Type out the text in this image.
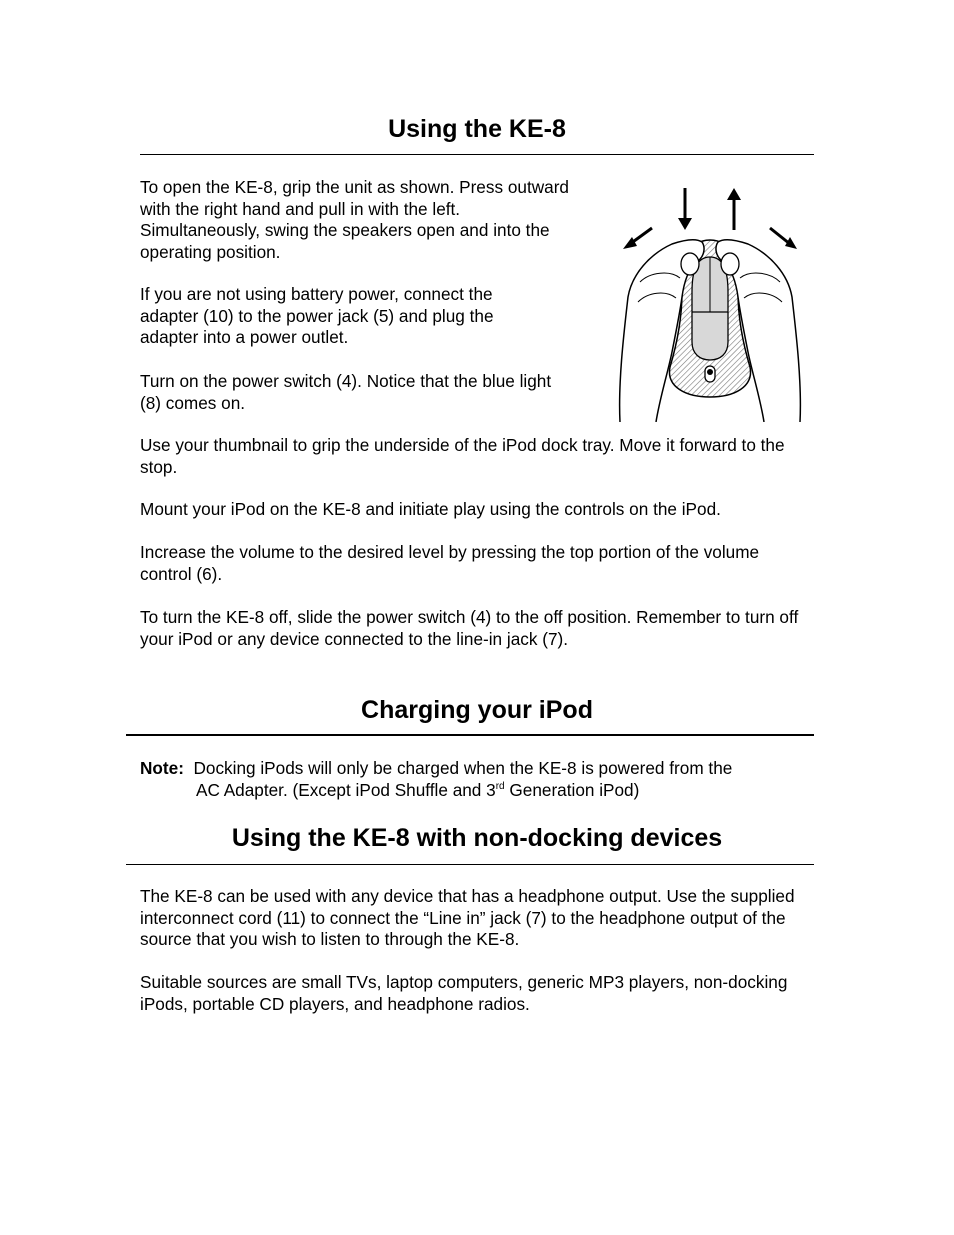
Using the KE-8

To open the KE-8, grip the unit as shown. Press outward with the right hand and pull in with the left. Simultaneously, swing the speakers open and into the operating position.

If you are not using battery power, connect the adapter (10) to the power jack (5) and plug the adapter into a power outlet.

Turn on the power switch (4). Notice that the blue light (8) comes on.

Use your thumbnail to grip the underside of the iPod dock tray. Move it forward to the stop.

Mount your iPod on the KE-8 and initiate play using the controls on the iPod.

Increase the volume to the desired level by pressing the top portion of the volume control (6).

To turn the KE-8 off, slide the power switch (4) to the off position. Remember to turn off your iPod or any device connected to the line-in jack (7).

Charging your iPod
Note: Docking iPods will only be charged when the KE-8 is powered from the
AC Adapter. (Except iPod Shuffle and 3rd Generation iPod)
Using the KE-8 with non-docking devices

The KE-8 can be used with any device that has a headphone output. Use the supplied interconnect cord (11) to connect the “Line in” jack (7) to the headphone output of the source that you wish to listen to through the KE-8.

Suitable sources are small TVs, laptop computers, generic MP3 players, non-docking iPods, portable CD players, and headphone radios.
